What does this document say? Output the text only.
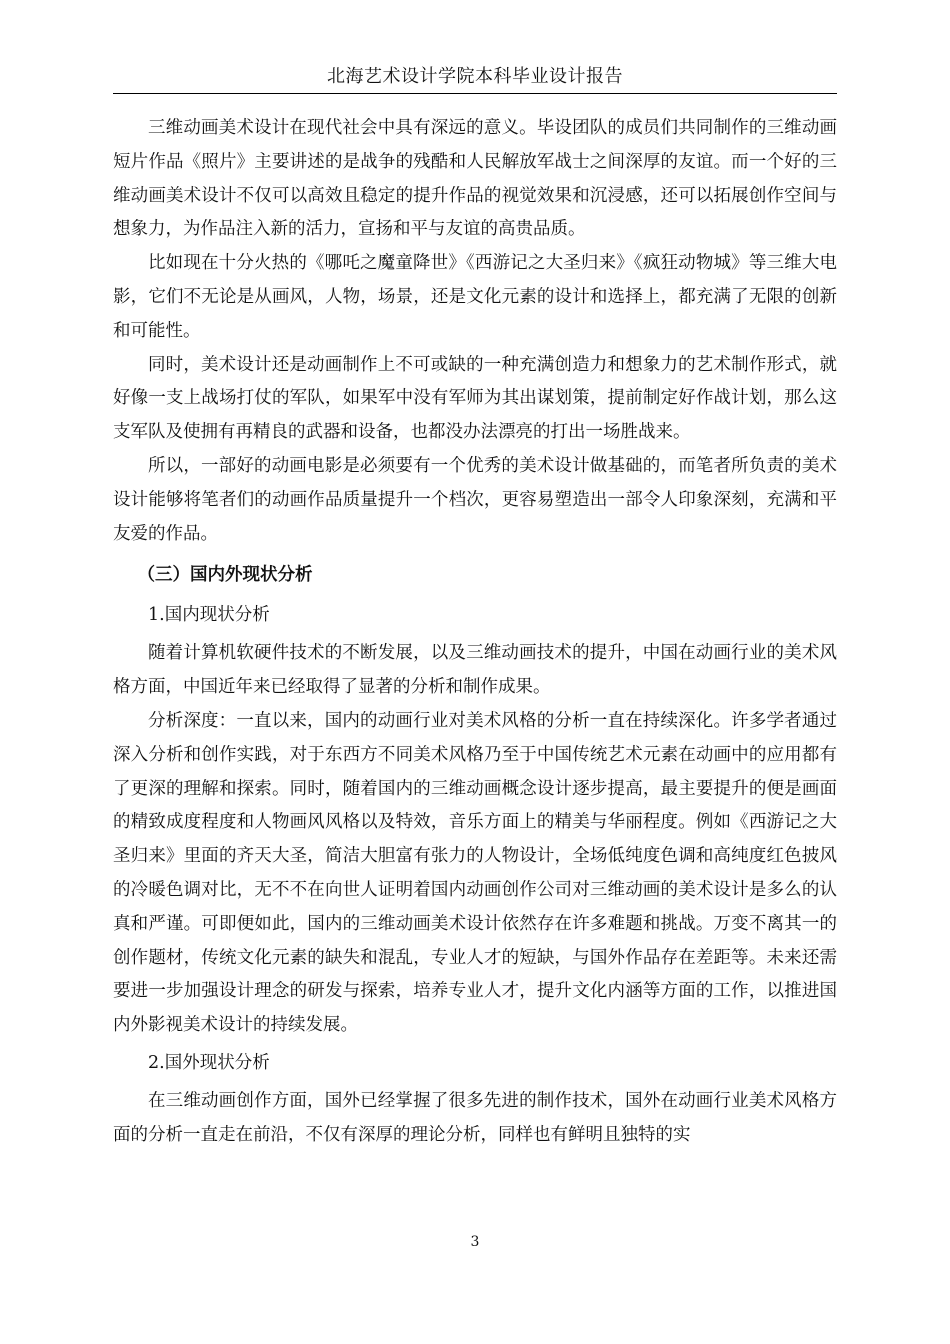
北海艺术设计学院本科毕业设计报告

三维动画美术设计在现代社会中具有深远的意义。毕设团队的成员们共同制作的三维动画短片作品《照片》主要讲述的是战争的残酷和人民解放军战士之间深厚的友谊。而一个好的三维动画美术设计不仅可以高效且稳定的提升作品的视觉效果和沉浸感，还可以拓展创作空间与想象力，为作品注入新的活力，宣扬和平与友谊的高贵品质。

比如现在十分火热的《哪吒之魔童降世》《西游记之大圣归来》《疯狂动物城》等三维大电影，它们不无论是从画风，人物，场景，还是文化元素的设计和选择上，都充满了无限的创新和可能性。

同时，美术设计还是动画制作上不可或缺的一种充满创造力和想象力的艺术制作形式，就好像一支上战场打仗的军队，如果军中没有军师为其出谋划策，提前制定好作战计划，那么这支军队及使拥有再精良的武器和设备，也都没办法漂亮的打出一场胜战来。

所以，一部好的动画电影是必须要有一个优秀的美术设计做基础的，而笔者所负责的美术设计能够将笔者们的动画作品质量提升一个档次，更容易塑造出一部令人印象深刻，充满和平友爱的作品。

（三）国内外现状分析
1.国内现状分析

随着计算机软硬件技术的不断发展，以及三维动画技术的提升，中国在动画行业的美术风格方面，中国近年来已经取得了显著的分析和制作成果。

分析深度：一直以来，国内的动画行业对美术风格的分析一直在持续深化。许多学者通过深入分析和创作实践，对于东西方不同美术风格乃至于中国传统艺术元素在动画中的应用都有了更深的理解和探索。同时，随着国内的三维动画概念设计逐步提高，最主要提升的便是画面的精致成度程度和人物画风风格以及特效，音乐方面上的精美与华丽程度。例如《西游记之大圣归来》里面的齐天大圣，简洁大胆富有张力的人物设计，全场低纯度色调和高纯度红色披风的冷暖色调对比，无不不在向世人证明着国内动画创作公司对三维动画的美术设计是多么的认真和严谨。可即便如此，国内的三维动画美术设计依然存在许多难题和挑战。万变不离其一的创作题材，传统文化元素的缺失和混乱，专业人才的短缺，与国外作品存在差距等。未来还需要进一步加强设计理念的研发与探索，培养专业人才，提升文化内涵等方面的工作，以推进国内外影视美术设计的持续发展。

2.国外现状分析

在三维动画创作方面，国外已经掌握了很多先进的制作技术，国外在动画行业美术风格方面的分析一直走在前沿，不仅有深厚的理论分析，同样也有鲜明且独特的实

3
